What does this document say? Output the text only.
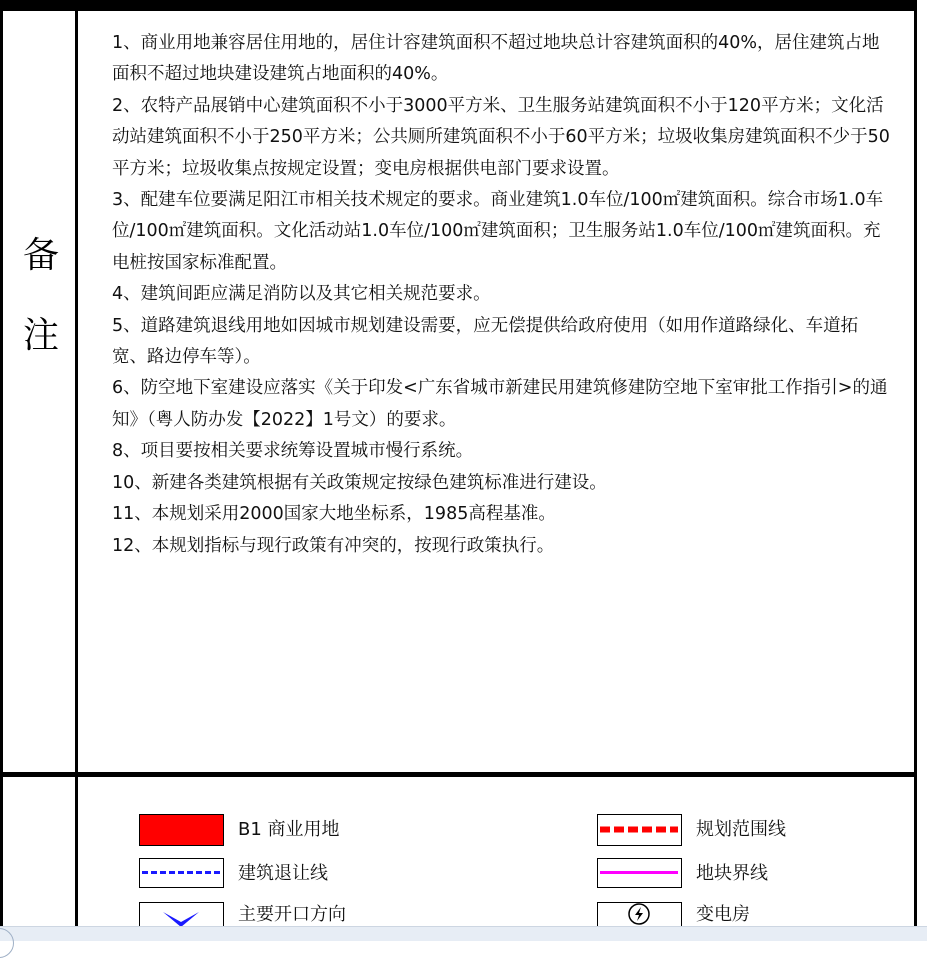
备
注

1、商业用地兼容居住用地的，居住计容建筑面积不超过地块总计容建筑面积的40%，居住建筑占地面积不超过地块建设建筑占地面积的40%。

2、农特产品展销中心建筑面积不小于3000平方米、卫生服务站建筑面积不小于120平方米；文化活动站建筑面积不小于250平方米；公共厕所建筑面积不小于60平方米；垃圾收集房建筑面积不少于50平方米；垃圾收集点按规定设置；变电房根据供电部门要求设置。

3、配建车位要满足阳江市相关技术规定的要求。商业建筑1.0车位/100㎡建筑面积。综合市场1.0车位/100㎡建筑面积。文化活动站1.0车位/100㎡建筑面积；卫生服务站1.0车位/100㎡建筑面积。充电桩按国家标准配置。

4、建筑间距应满足消防以及其它相关规范要求。

5、道路建筑退线用地如因城市规划建设需要，应无偿提供给政府使用（如用作道路绿化、车道拓宽、路边停车等）。

6、防空地下室建设应落实《关于印发<广东省城市新建民用建筑修建防空地下室审批工作指引>的通知》（粤人防办发【2022】1号文）的要求。

8、项目要按相关要求统筹设置城市慢行系统。

10、新建各类建筑根据有关政策规定按绿色建筑标准进行建设。

11、本规划采用2000国家大地坐标系，1985高程基准。

12、本规划指标与现行政策有冲突的，按现行政策执行。

B1 商业用地	规划范围线
建筑退让线	地块界线
主要开口方向	变电房
